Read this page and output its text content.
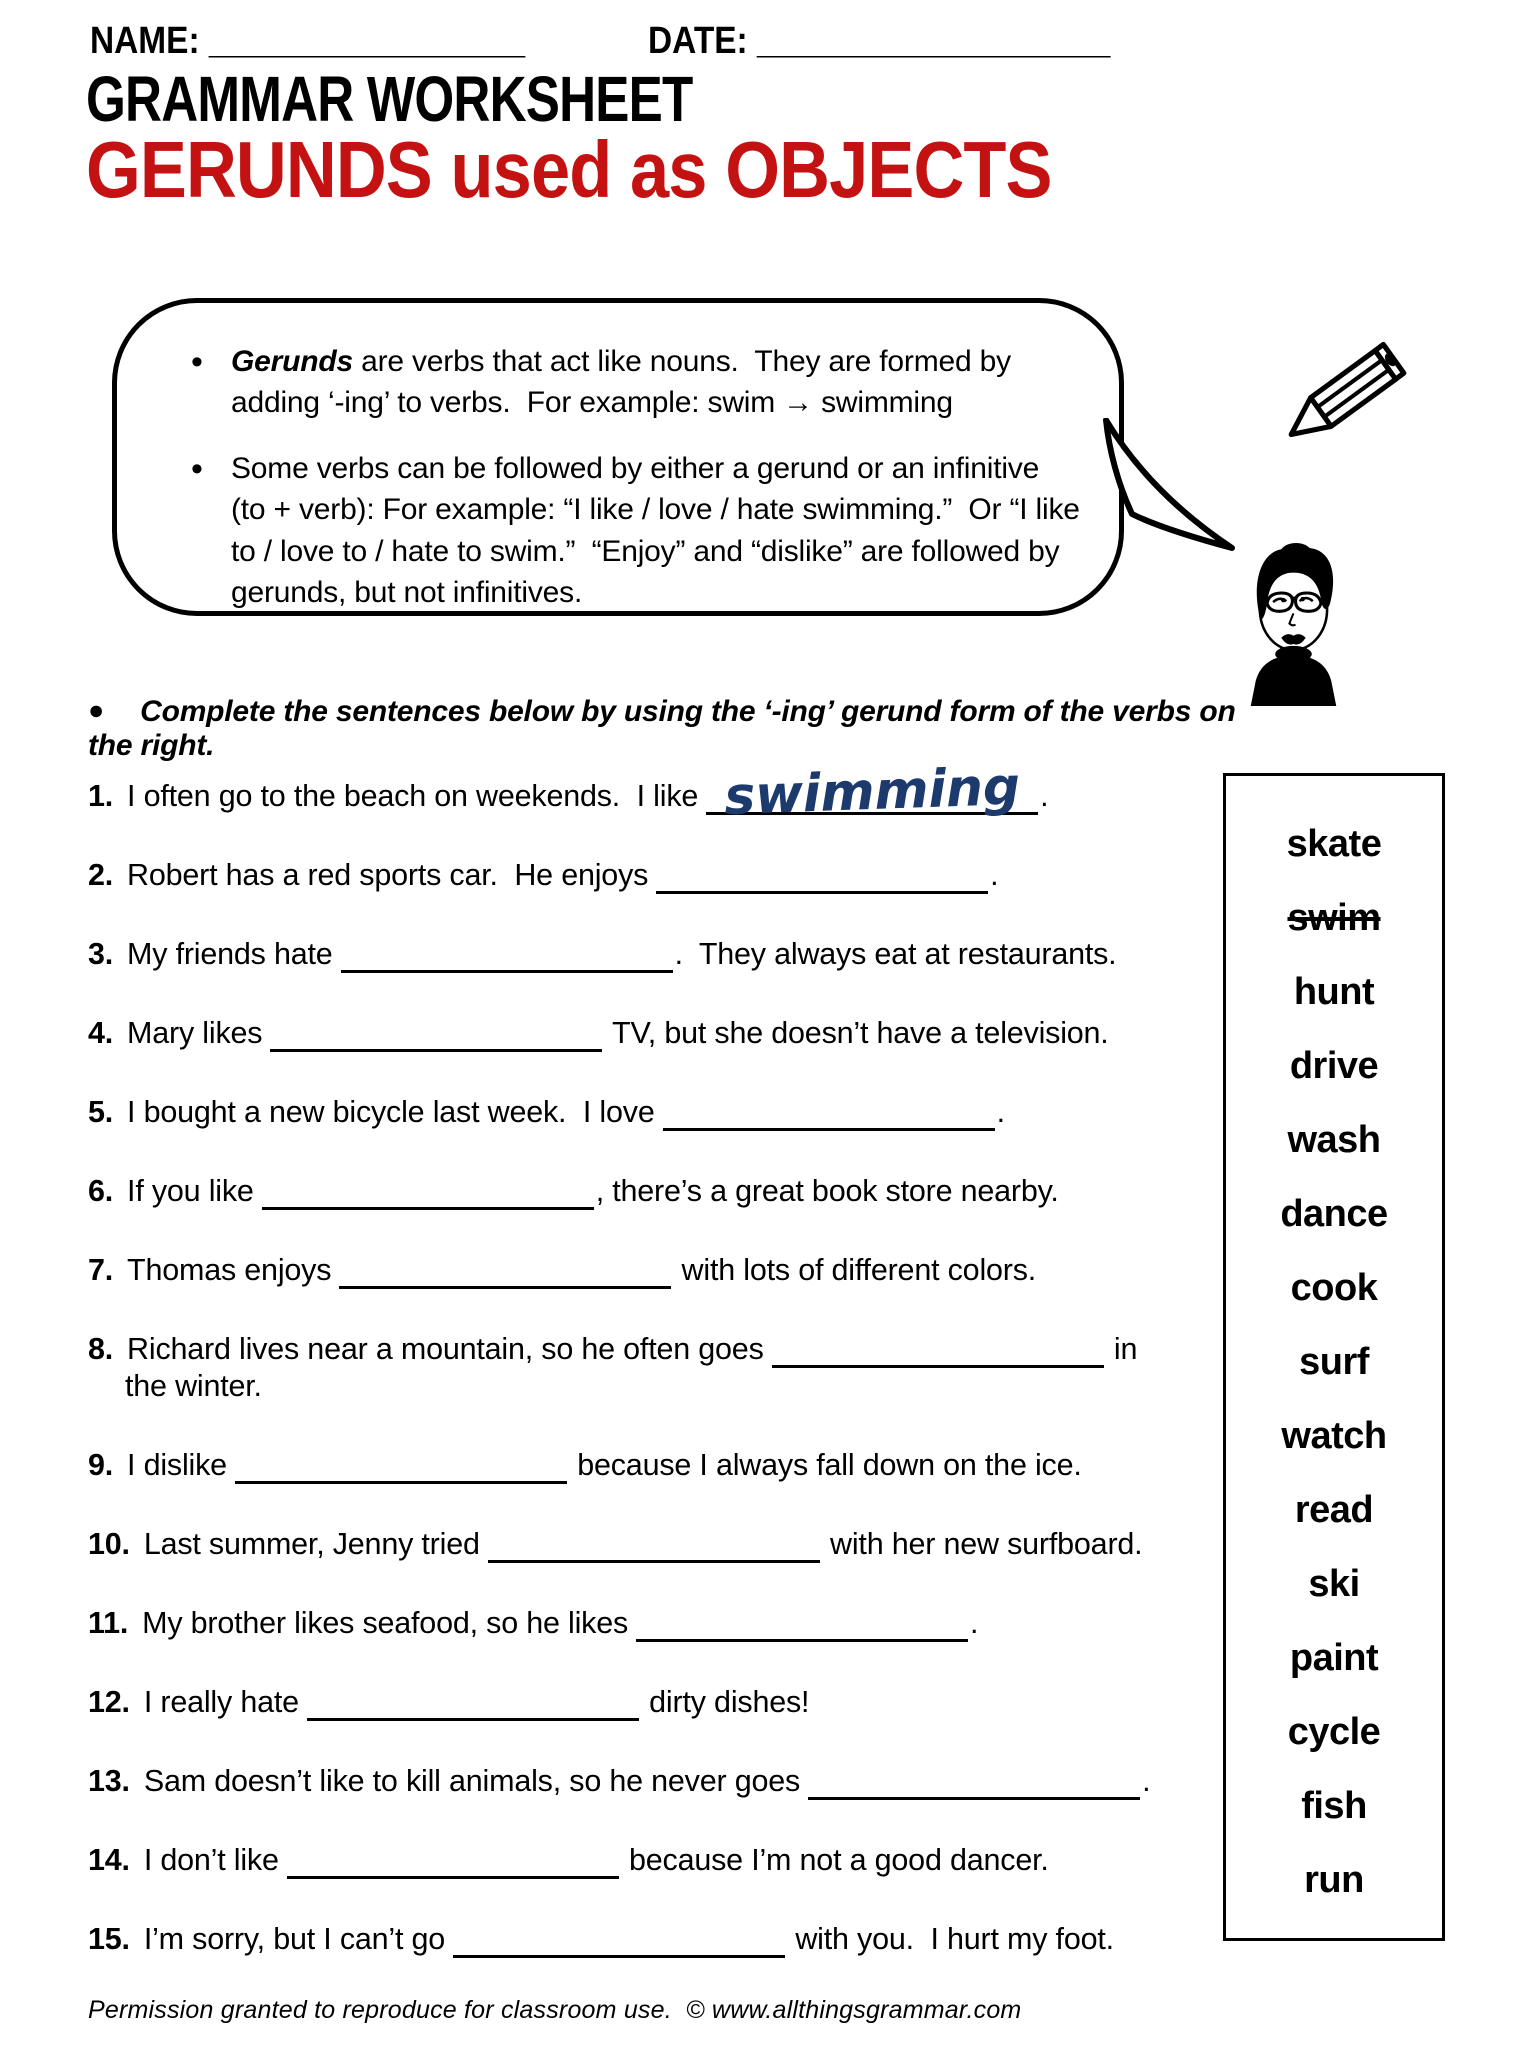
NAME: _________________	DATE: ___________________
GRAMMAR WORKSHEET
GERUNDS used as OBJECTS
• Gerunds are verbs that act like nouns.  They are formed by adding ‘-ing’ to verbs.  For example: swim → swimming
• Some verbs can be followed by either a gerund or an infinitive (to + verb): For example: “I like / love / hate swimming.”  Or “I like to / love to / hate to swim.”  “Enjoy” and “dislike” are followed by gerunds, but not infinitives.
● Complete the sentences below by using the ‘-ing’ gerund form of the verbs on the right.
1. I often go to the beach on weekends.  I like swimming .
2. Robert has a red sports car.  He enjoys	.
3. My friends hate	.  They always eat at restaurants.
4. Mary likes	TV, but she doesn’t have a television.
5. I bought a new bicycle last week.  I love	.
6. If you like	, there’s a great book store nearby.
7. Thomas enjoys	with lots of different colors.
8. Richard lives near a mountain, so he often goes	in
the winter.
9. I dislike	because I always fall down on the ice.
10. Last summer, Jenny tried	with her new surfboard.
11. My brother likes seafood, so he likes	.
12. I really hate	dirty dishes!
13. Sam doesn’t like to kill animals, so he never goes	.
14. I don’t like	because I’m not a good dancer.
15. I’m sorry, but I can’t go	with you.  I hurt my foot.
skate
swim
hunt
drive
wash
dance
cook
surf
watch
read
ski
paint
cycle
fish
run
Permission granted to reproduce for classroom use.  © www.allthingsgrammar.com
